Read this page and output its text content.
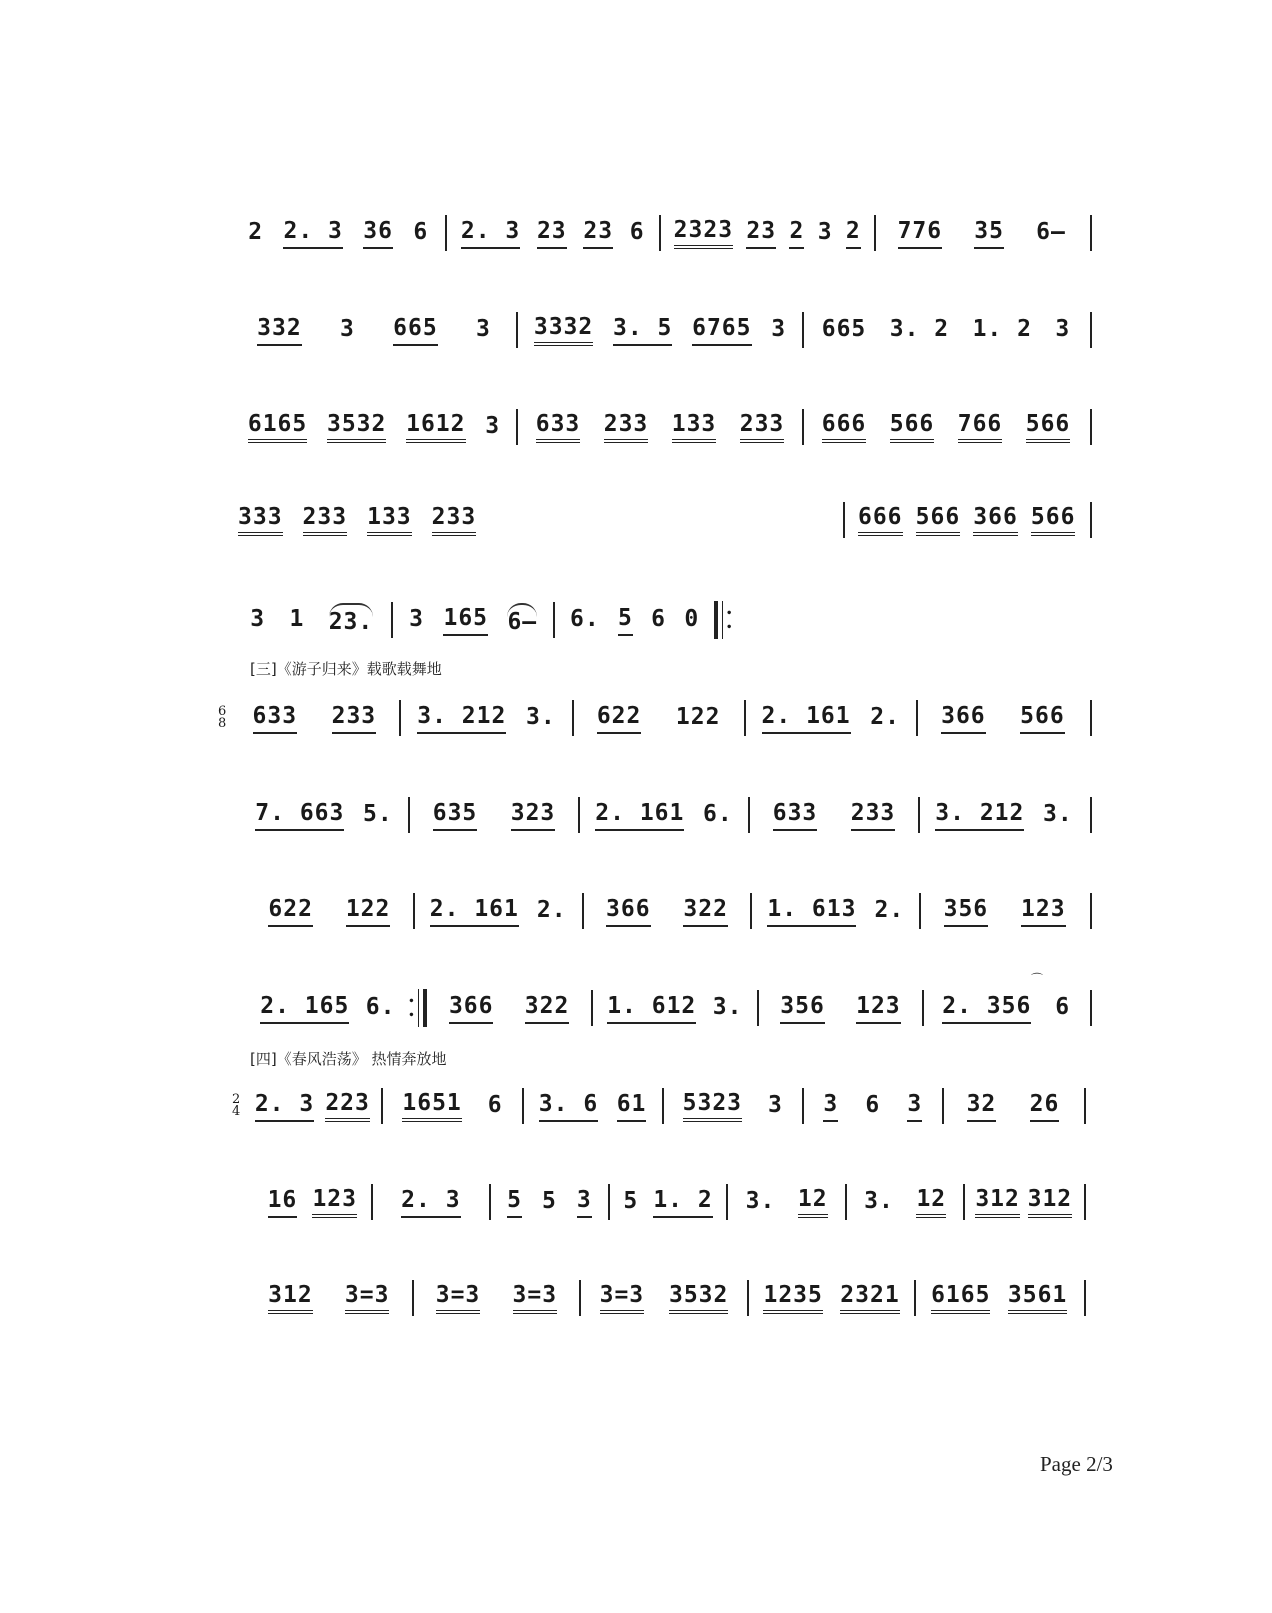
2 2. 3 36 6 2. 3 23 23 6 2323 23 2 3 2 776 35 6—
332 3 665 3 3332 3. 5 6765 3 665 3. 2 1. 2 3
6165 3532 1612 3 633 233 133 233 666 566 766 566
333 233 133 233	666 566 366 566
3 1 23. 3 165 6— 6. 5 6 0	●
●
[三]《游子归来》载歌载舞地
6
8 633 233 3. 212 3. 622 122 2. 161 2. 366 566
7. 663 5. 635 323 2. 161 6. 633 233 3. 212 3.
622 122 2. 161 2. 366 322 1. 613 2. 356 123
2. 165 6. ●
● 366 322 1. 612 3. 356 123 2. 356 6
⌒
[四]《春风浩荡》 热情奔放地
2
4 2. 3 223 1651 6 3. 6 61 5323 3 3 6 3 32 26
16 123 2. 3 5 5 3 5 1. 2 3. 12 3. 12 312 312
312 3=3 3=3 3=3 3=3 3532 1235 2321 6165 3561
Page 2/3
